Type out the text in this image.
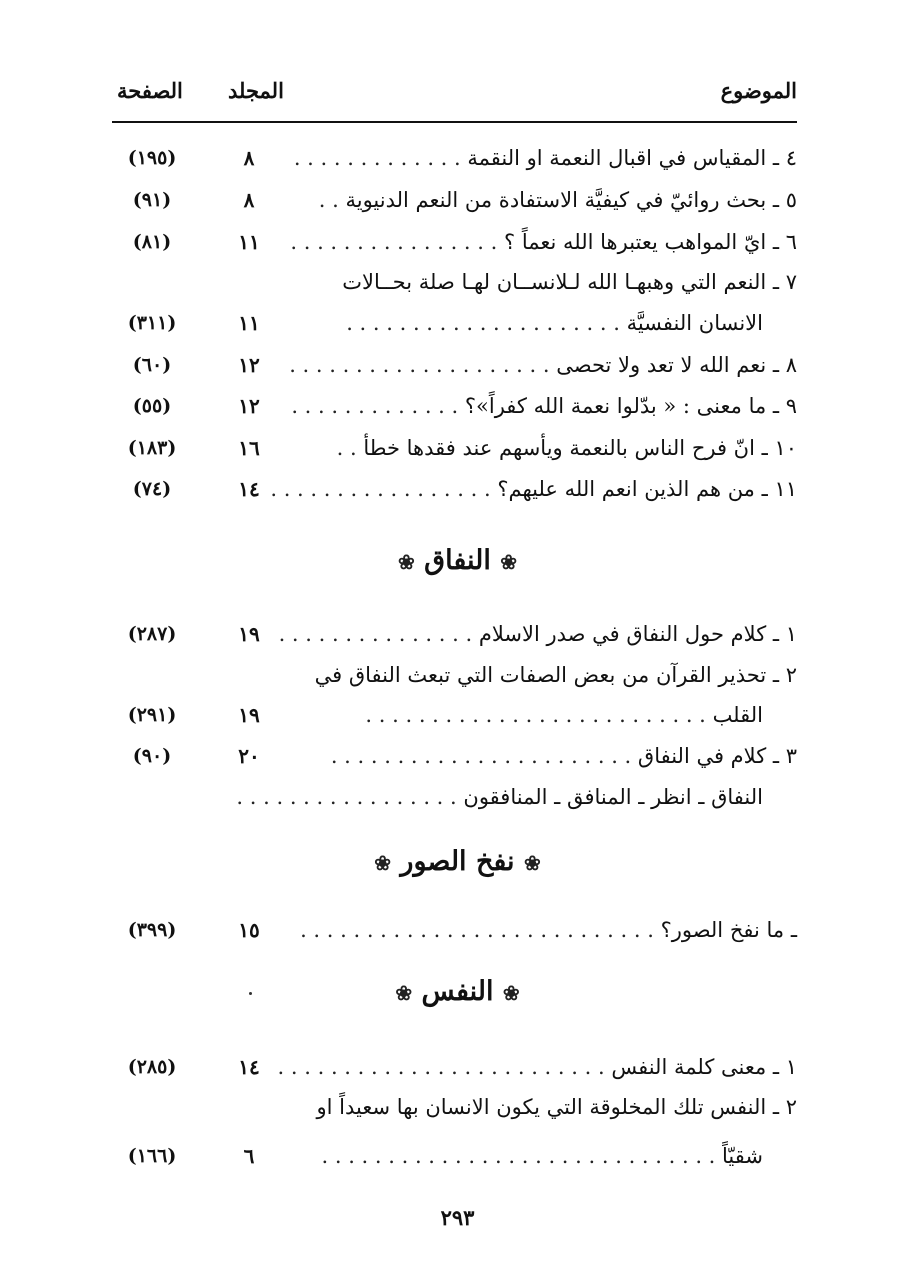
الموضوع
المجلد
الصفحة
٤ ـ المقياس في اقبال النعمة او النقمة . . . . . . . . . . . . .
٨
(١٩٥)
٥ ـ بحث روائيّ في كيفيَّة الاستفادة من النعم الدنيوية . .
٨
(٩١)
٦ ـ ايّ المواهب يعتبرها الله نعماً ؟ . . . . . . . . . . . . . . . .
١١
(٨١)
٧ ـ النعم التي وهبهـا الله لـلانســان لهـا صلة بحــالات
الانسان النفسيَّة . . . . . . . . . . . . . . . . . . . . .
١١
(٣١١)
٨ ـ نعم الله لا تعد ولا تحصى . . . . . . . . . . . . . . . . . . . .
١٢
(٦٠)
٩ ـ ما معنى : « بدّلوا نعمة الله كفراً»؟ . . . . . . . . . . . . .
١٢
(٥٥)
١٠ ـ انّ فرح الناس بالنعمة ويأسهم عند فقدها خطأ . .
١٦
(١٨٣)
١١ ـ من هم الذين انعم الله عليهم؟ . . . . . . . . . . . . . . . . .
١٤
(٧٤)
❀ النفاق ❀
١ ـ كلام حول النفاق في صدر الاسلام . . . . . . . . . . . . . . .
١٩
(٢٨٧)
٢ ـ تحذير القرآن من بعض الصفات التي تبعث النفاق في
القلب . . . . . . . . . . . . . . . . . . . . . . . . . .
١٩
(٢٩١)
٣ ـ كلام في النفاق . . . . . . . . . . . . . . . . . . . . . . .
٢٠
(٩٠)
النفاق ـ انظر ـ المنافق ـ المنافقون . . . . . . . . . . . . . . . . .
❀ نفخ الصور ❀
ـ ما نفخ الصور؟ . . . . . . . . . . . . . . . . . . . . . . . . . . .
١٥
(٣٩٩)
❀ النفس ❀
١ ـ معنى كلمة النفس . . . . . . . . . . . . . . . . . . . . . . . . .
١٤
(٢٨٥)
٢ ـ النفس تلك المخلوقة التي يكون الانسان بها سعيداً او
شقيّاً . . . . . . . . . . . . . . . . . . . . . . . . . . . . . .
٦
(١٦٦)
٢٩٣
